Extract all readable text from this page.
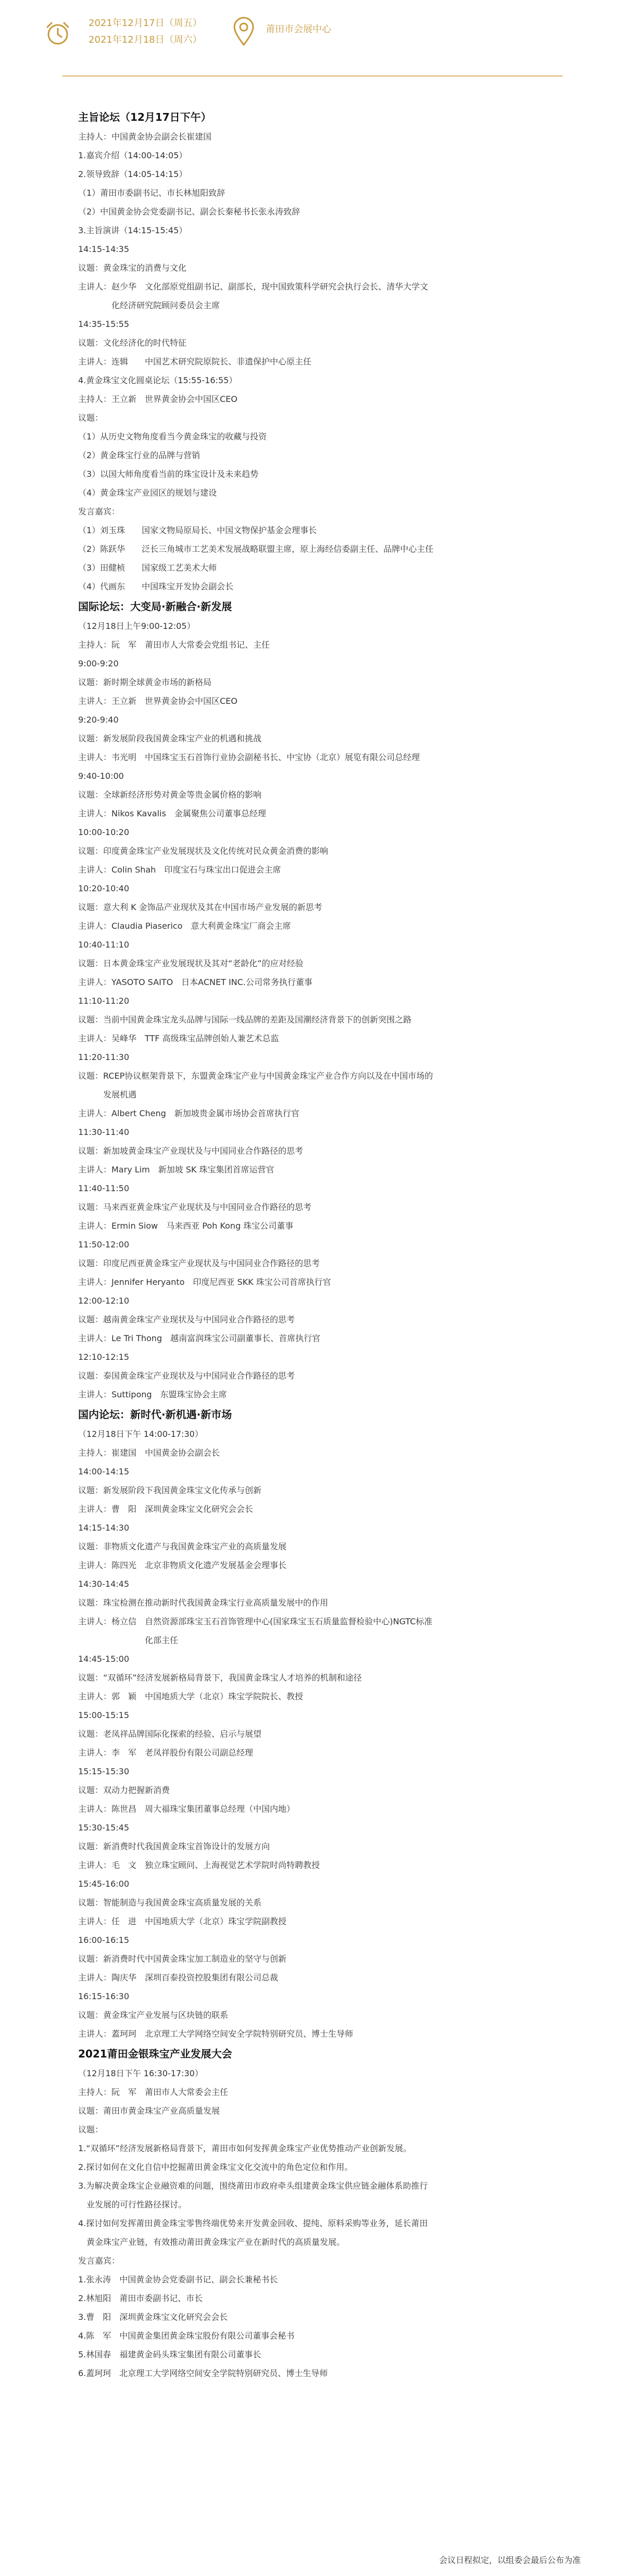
2021年12月17日（周五）
2021年12月18日（周六）
莆田市会展中心

主旨论坛（12月17日下午）

主持人：中国黄金协会副会长崔建国

1.嘉宾介绍（14:00-14:05）

2.领导致辞（14:05-14:15）

（1）莆田市委副书记、市长林旭阳致辞

（2）中国黄金协会党委副书记、副会长秦秘书长张永涛致辞

3.主旨演讲（14:15-15:45）

14:15-14:35

议题：黄金珠宝的消费与文化

主讲人：赵少华　文化部原党组副书记、副部长，现中国致策科学研究会执行会长、清华大学文

　　　　化经济研究院顾问委员会主席

14:35-15:55

议题：文化经济化的时代特征

主讲人：连辑　　中国艺术研究院原院长、非遗保护中心原主任

4.黄金珠宝文化圆桌论坛（15:55-16:55）

主持人：王立新　世界黄金协会中国区CEO

议题：

（1）从历史文物角度看当今黄金珠宝的收藏与投资

（2）黄金珠宝行业的品牌与营销

（3）以国大师角度看当前的珠宝设计及未来趋势

（4）黄金珠宝产业园区的规划与建设

发言嘉宾：

（1）刘玉珠　　国家文物局原局长、中国文物保护基金会理事长

（2）陈跃华　　泛长三角城市工艺美术发展战略联盟主席，原上海经信委副主任、品牌中心主任

（3）田健桢　　国家级工艺美术大师

（4）代画东　　中国珠宝开发协会副会长

国际论坛：大变局·新融合·新发展

（12月18日上午9:00-12:05）

主持人：阮　军　莆田市人大常委会党组书记、主任

9:00-9:20

议题：新时期全球黄金市场的新格局

主讲人：王立新　世界黄金协会中国区CEO

9:20-9:40

议题：新发展阶段我国黄金珠宝产业的机遇和挑战

主讲人：韦光明　中国珠宝玉石首饰行业协会副秘书长、中宝协（北京）展览有限公司总经理

9:40-10:00

议题：全球新经济形势对黄金等贵金属价格的影响

主讲人：Nikos Kavalis　金属聚焦公司董事总经理

10:00-10:20

议题：印度黄金珠宝产业发展现状及文化传统对民众黄金消费的影响

主讲人：Colin Shah　印度宝石与珠宝出口促进会主席

10:20-10:40

议题：意大利 K 金饰品产业现状及其在中国市场产业发展的新思考

主讲人：Claudia Piaserico　意大利黄金珠宝厂商会主席

10:40-11:10

议题：日本黄金珠宝产业发展现状及其对“老龄化”的应对经验

主讲人：YASOTO SAITO　日本ACNET INC.公司常务执行董事

11:10-11:20

议题：当前中国黄金珠宝龙头品牌与国际一线品牌的差距及国潮经济背景下的创新突围之路

主讲人：吴峰华　TTF 高级珠宝品牌创始人兼艺术总监

11:20-11:30

议题：RCEP协议框架背景下，东盟黄金珠宝产业与中国黄金珠宝产业合作方向以及在中国市场的

　　　发展机遇

主讲人：Albert Cheng　新加坡贵金属市场协会首席执行官

11:30-11:40

议题：新加坡黄金珠宝产业现状及与中国同业合作路径的思考

主讲人：Mary Lim　新加坡 SK 珠宝集团首席运营官

11:40-11:50

议题：马来西亚黄金珠宝产业现状及与中国同业合作路径的思考

主讲人：Ermin Siow　马来西亚 Poh Kong 珠宝公司董事

11:50-12:00

议题：印度尼西亚黄金珠宝产业现状及与中国同业合作路径的思考

主讲人：Jennifer Heryanto　印度尼西亚 SKK 珠宝公司首席执行官

12:00-12:10

议题：越南黄金珠宝产业现状及与中国同业合作路径的思考

主讲人：Le Tri Thong　越南富润珠宝公司副董事长、首席执行官

12:10-12:15

议题：泰国黄金珠宝产业现状及与中国同业合作路径的思考

主讲人：Suttipong　东盟珠宝协会主席

国内论坛：新时代·新机遇·新市场

（12月18日下午 14:00-17:30）

主持人：崔建国　中国黄金协会副会长

14:00-14:15

议题：新发展阶段下我国黄金珠宝文化传承与创新

主讲人：曹　阳　深圳黄金珠宝文化研究会会长

14:15-14:30

议题：非物质文化遗产与我国黄金珠宝产业的高质量发展

主讲人：陈四光　北京非物质文化遗产发展基金会理事长

14:30-14:45

议题：珠宝检测在推动新时代我国黄金珠宝行业高质量发展中的作用

主讲人：杨立信　自然资源部珠宝玉石首饰管理中心(国家珠宝玉石质量监督检验中心)NGTC标准

　　　　　　　　化部主任

14:45-15:00

议题：“双循环”经济发展新格局背景下，我国黄金珠宝人才培养的机制和途径

主讲人：郭　颖　中国地质大学（北京）珠宝学院院长、教授

15:00-15:15

议题：老凤祥品牌国际化探索的经验、启示与展望

主讲人：李　军　老凤祥股份有限公司副总经理

15:15-15:30

议题：双动力把握新消费

主讲人：陈世昌　周大福珠宝集团董事总经理（中国内地）

15:30-15:45

议题：新消费时代我国黄金珠宝首饰设计的发展方向

主讲人：毛　文　独立珠宝顾问、上海视觉艺术学院时尚特聘教授

15:45-16:00

议题：智能制造与我国黄金珠宝高质量发展的关系

主讲人：任　进　中国地质大学（北京）珠宝学院副教授

16:00-16:15

议题：新消费时代中国黄金珠宝加工制造业的坚守与创新

主讲人：陶庆华　深圳百泰投资控股集团有限公司总裁

16:15-16:30

议题：黄金珠宝产业发展与区块链的联系

主讲人：蓋珂珂　北京理工大学网络空间安全学院特别研究员、博士生导师

2021莆田金银珠宝产业发展大会

（12月18日下午 16:30-17:30）

主持人：阮　军　莆田市人大常委会主任

议题：莆田市黄金珠宝产业高质量发展

议题：

1.“双循环”经济发展新格局背景下，莆田市如何发挥黄金珠宝产业优势推动产业创新发展。

2.探讨如何在文化自信中挖掘莆田黄金珠宝文化交流中的角色定位和作用。

3.为解决黄金珠宝企业融资难的问题，围绕莆田市政府牵头组建黄金珠宝供应链金融体系助推行

　业发展的可行性路径探讨。

4.探讨如何发挥莆田黄金珠宝零售终端优势来开发黄金回收、提纯、原料采购等业务，延长莆田

　黄金珠宝产业链，有效推动莆田黄金珠宝产业在新时代的高质量发展。

发言嘉宾：

1.张永涛　中国黄金协会党委副书记、副会长兼秘书长

2.林旭阳　莆田市委副书记、市长

3.曹　阳　深圳黄金珠宝文化研究会会长

4.陈　军　中国黄金集团黄金珠宝股份有限公司董事会秘书

5.林国春　福建黄金码头珠宝集团有限公司董事长

6.蓋珂珂　北京理工大学网络空间安全学院特别研究员、博士生导师

会议日程拟定，以组委会最后公布为准
